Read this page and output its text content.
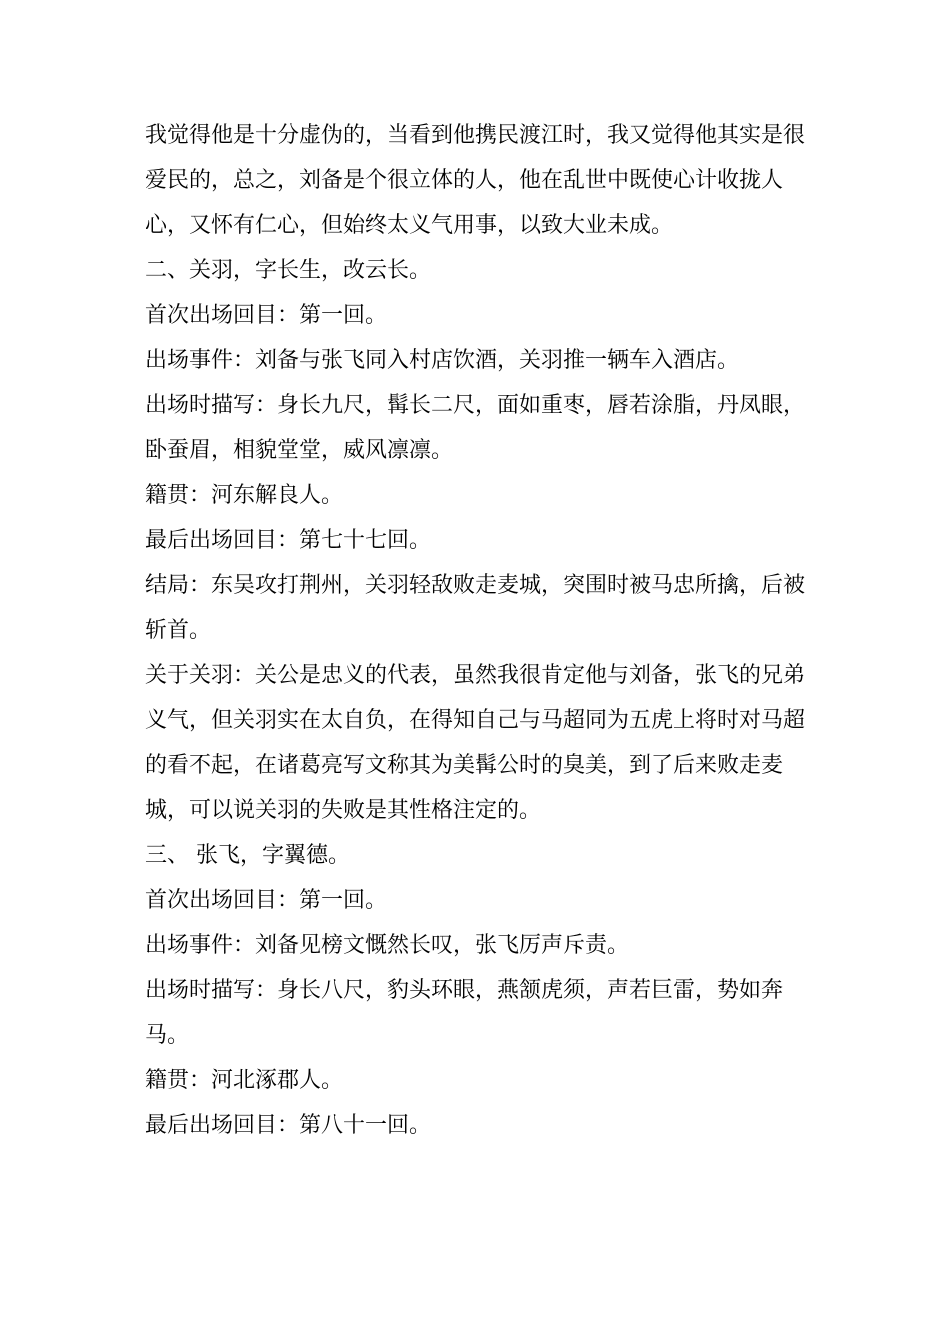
我觉得他是十分虚伪的，当看到他携民渡江时，我又觉得他其实是很爱民的，总之，刘备是个很立体的人，他在乱世中既使心计收拢人心，又怀有仁心，但始终太义气用事，以致大业未成。

二、关羽，字长生，改云长。

首次出场回目：第一回。

出场事件：刘备与张飞同入村店饮酒，关羽推一辆车入酒店。

出场时描写：身长九尺，髯长二尺，面如重枣，唇若涂脂，丹凤眼，卧蚕眉，相貌堂堂，威风凛凛。

籍贯：河东解良人。

最后出场回目：第七十七回。

结局：东吴攻打荆州，关羽轻敌败走麦城，突围时被马忠所擒，后被斩首。

关于关羽：关公是忠义的代表，虽然我很肯定他与刘备，张飞的兄弟义气，但关羽实在太自负，在得知自己与马超同为五虎上将时对马超的看不起，在诸葛亮写文称其为美髯公时的臭美，到了后来败走麦城，可以说关羽的失败是其性格注定的。

三、 张飞，字翼德。

首次出场回目：第一回。

出场事件：刘备见榜文慨然长叹，张飞厉声斥责。

出场时描写：身长八尺，豹头环眼，燕颔虎须，声若巨雷，势如奔马。

籍贯：河北涿郡人。

最后出场回目：第八十一回。
